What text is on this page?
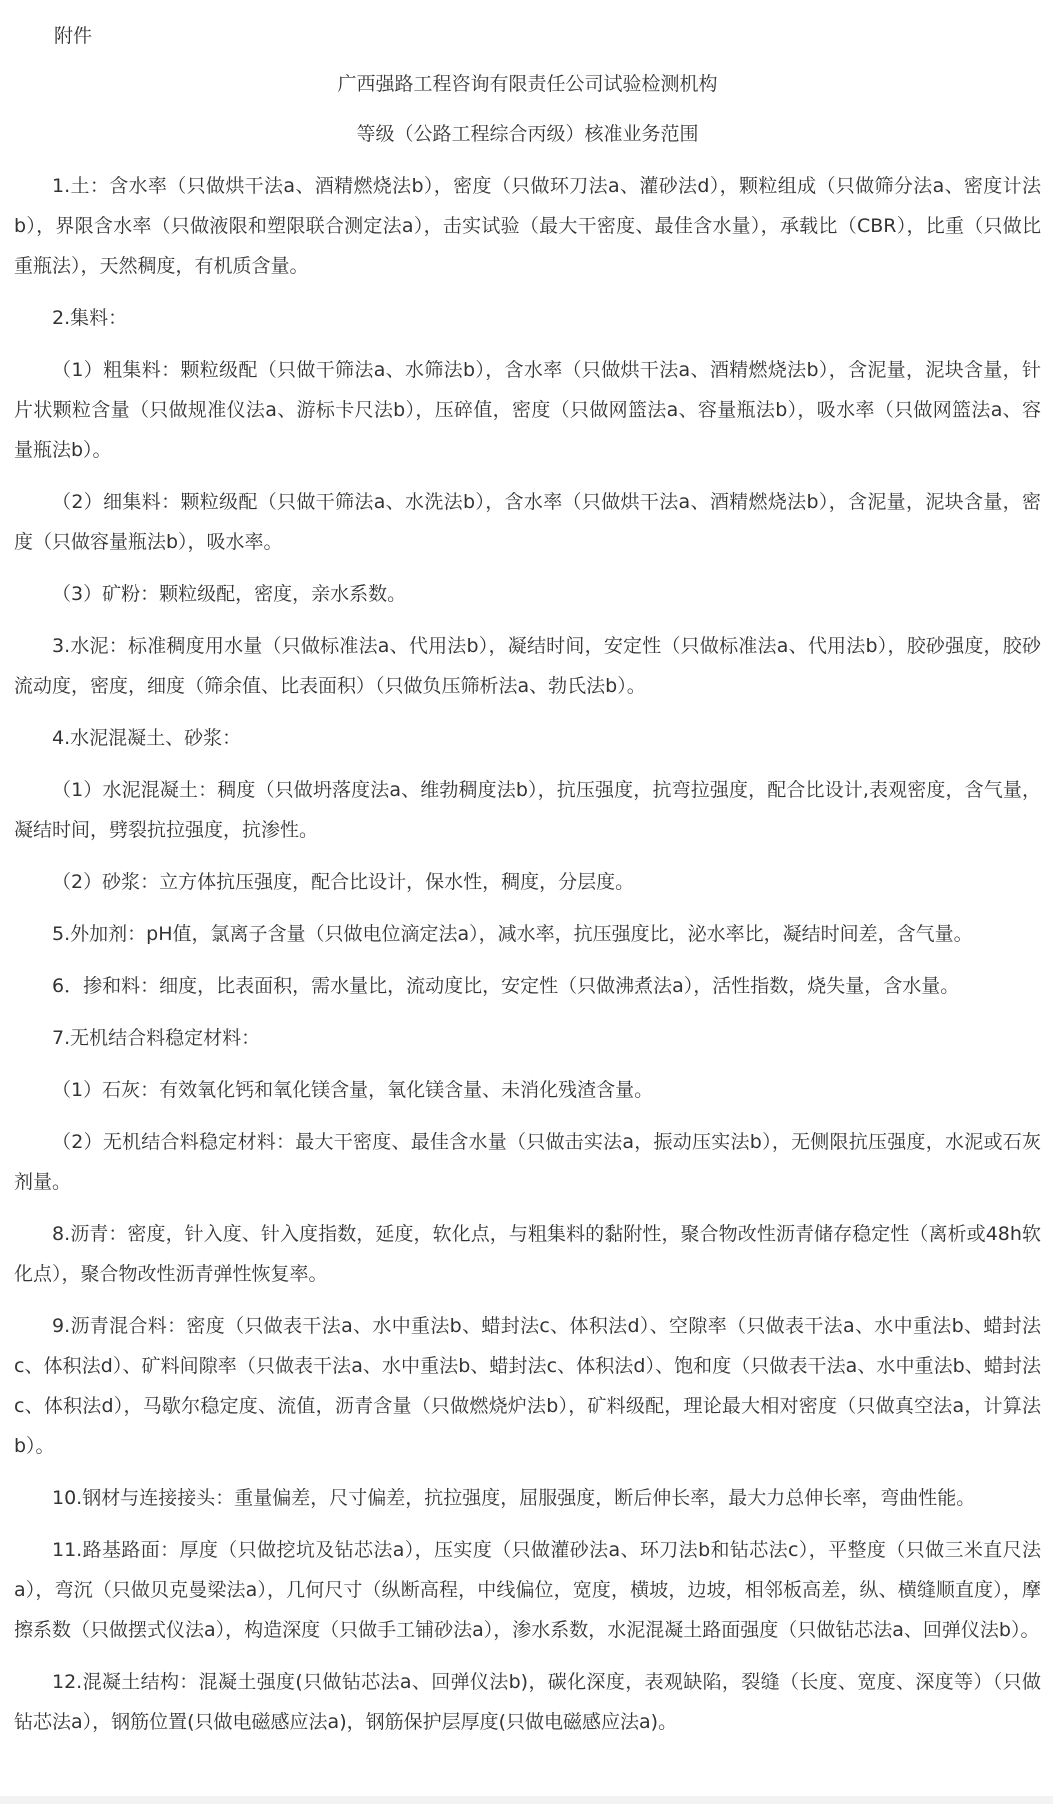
附件
广西强路工程咨询有限责任公司试验检测机构
等级（公路工程综合丙级）核准业务范围

1.土：含水率（只做烘干法a、酒精燃烧法b），密度（只做环刀法a、灌砂法d），颗粒组成（只做筛分法a、密度计法b），界限含水率（只做液限和塑限联合测定法a），击实试验（最大干密度、最佳含水量），承载比（CBR），比重（只做比重瓶法），天然稠度，有机质含量。

2.集料：

（1）粗集料：颗粒级配（只做干筛法a、水筛法b），含水率（只做烘干法a、酒精燃烧法b），含泥量，泥块含量，针片状颗粒含量（只做规准仪法a、游标卡尺法b），压碎值，密度（只做网篮法a、容量瓶法b），吸水率（只做网篮法a、容量瓶法b）。

（2）细集料：颗粒级配（只做干筛法a、水洗法b），含水率（只做烘干法a、酒精燃烧法b），含泥量，泥块含量，密度（只做容量瓶法b），吸水率。

（3）矿粉：颗粒级配，密度，亲水系数。

3.水泥：标准稠度用水量（只做标准法a、代用法b），凝结时间，安定性（只做标准法a、代用法b），胶砂强度，胶砂流动度，密度，细度（筛余值、比表面积）（只做负压筛析法a、勃氏法b）。

4.水泥混凝土、砂浆：

（1）水泥混凝土：稠度（只做坍落度法a、维勃稠度法b），抗压强度，抗弯拉强度，配合比设计,表观密度，含气量，凝结时间，劈裂抗拉强度，抗渗性。

（2）砂浆：立方体抗压强度，配合比设计，保水性，稠度，分层度。

5.外加剂：pH值，氯离子含量（只做电位滴定法a），减水率，抗压强度比，泌水率比，凝结时间差，含气量。

6．掺和料：细度，比表面积，需水量比，流动度比，安定性（只做沸煮法a），活性指数，烧失量，含水量。

7.无机结合料稳定材料：

（1）石灰：有效氧化钙和氧化镁含量，氧化镁含量、未消化残渣含量。

（2）无机结合料稳定材料：最大干密度、最佳含水量（只做击实法a，振动压实法b），无侧限抗压强度，水泥或石灰剂量。

8.沥青：密度，针入度、针入度指数，延度，软化点，与粗集料的黏附性，聚合物改性沥青储存稳定性（离析或48h软化点），聚合物改性沥青弹性恢复率。

9.沥青混合料：密度（只做表干法a、水中重法b、蜡封法c、体积法d）、空隙率（只做表干法a、水中重法b、蜡封法c、体积法d）、矿料间隙率（只做表干法a、水中重法b、蜡封法c、体积法d）、饱和度（只做表干法a、水中重法b、蜡封法c、体积法d），马歇尔稳定度、流值，沥青含量（只做燃烧炉法b），矿料级配，理论最大相对密度（只做真空法a，计算法b）。

10.钢材与连接接头：重量偏差，尺寸偏差，抗拉强度，屈服强度，断后伸长率，最大力总伸长率，弯曲性能。

11.路基路面：厚度（只做挖坑及钻芯法a），压实度（只做灌砂法a、环刀法b和钻芯法c），平整度（只做三米直尺法a），弯沉（只做贝克曼梁法a），几何尺寸（纵断高程，中线偏位，宽度，横坡，边坡，相邻板高差，纵、横缝顺直度），摩擦系数（只做摆式仪法a），构造深度（只做手工铺砂法a），渗水系数，水泥混凝土路面强度（只做钻芯法a、回弹仪法b）。

12.混凝土结构：混凝土强度(只做钻芯法a、回弹仪法b)，碳化深度，表观缺陷，裂缝（长度、宽度、深度等）（只做钻芯法a），钢筋位置(只做电磁感应法a)，钢筋保护层厚度(只做电磁感应法a)。
